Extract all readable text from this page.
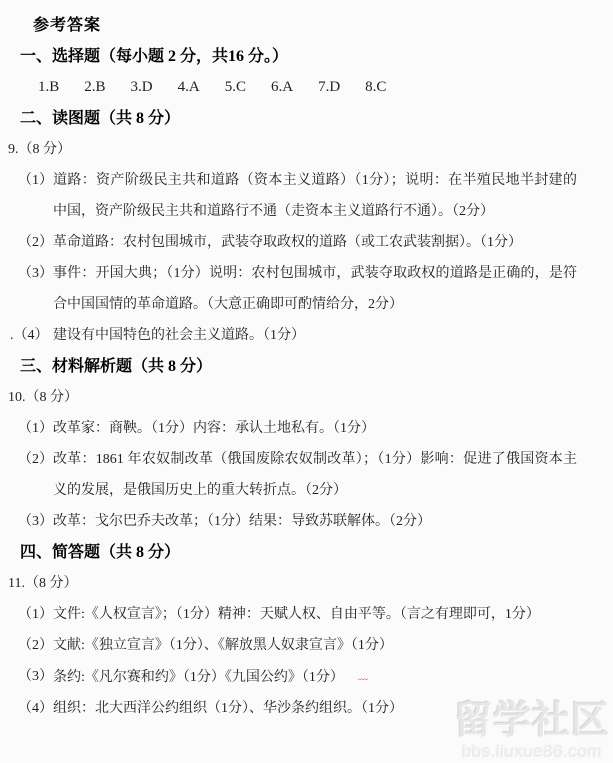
参考答案

一、选择题（每小题 2 分，共16 分。）

1.B 2.B 3.D 4.A 5.C 6.A 7.D 8.C

二、读图题（共 8 分）

9.（8 分）

（1） 道路：资产阶级民主共和道路（资本主义道路）（1分）；说明：在半殖民地半封建的中国，资产阶级民主共和道路行不通（走资本主义道路行不通）。（2分）

（2） 革命道路：农村包围城市，武装夺取政权的道路（或工农武装割据）。（1分）

（3） 事件：开国大典；（1分）说明：农村包围城市，武装夺取政权的道路是正确的，是符合中国国情的革命道路。（大意正确即可酌情给分，2分）

.（4） 建设有中国特色的社会主义道路。（1分）

三、材料解析题（共 8 分）

10.（8 分）

（1） 改革家：商鞅。（1分）内容：承认土地私有。（1分）

（2） 改革：1861 年农奴制改革（俄国废除农奴制改革）；（1分）影响：促进了俄国资本主义的发展，是俄国历史上的重大转折点。（2分）

（3） 改革：戈尔巴乔夫改革；（1分）结果：导致苏联解体。（2分）

四、简答题（共 8 分）

11.（8 分）

（1） 文件:《人权宣言》；（1分）精神：天赋人权、自由平等。（言之有理即可，1分）

（2） 文献:《独立宣言》（1分）、《解放黑人奴隶宣言》（1分）

（3） 条约:《凡尔赛和约》（1分）《九国公约》（1分） ﹏

（4） 组织：北大西洋公约组织（1分）、华沙条约组织。（1分）	留学社区
bbs.liuxue86.com
